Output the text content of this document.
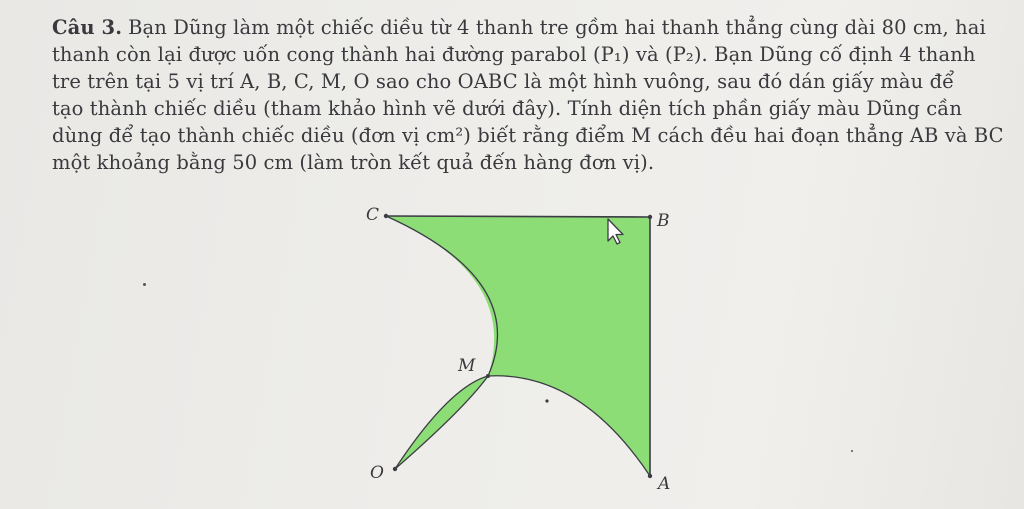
Câu 3. Bạn Dũng làm một chiếc diều từ 4 thanh tre gồm hai thanh thẳng cùng dài 80 cm, hai
thanh còn lại được uốn cong thành hai đường parabol (P₁) và (P₂). Bạn Dũng cố định 4 thanh
tre trên tại 5 vị trí A, B, C, M, O sao cho OABC là một hình vuông, sau đó dán giấy màu để
tạo thành chiếc diều (tham khảo hình vẽ dưới đây). Tính diện tích phần giấy màu Dũng cần
dùng để tạo thành chiếc diều (đơn vị cm²) biết rằng điểm M cách đều hai đoạn thẳng AB và BC
một khoảng bằng 50 cm (làm tròn kết quả đến hàng đơn vị).
C	B
M
O
A
